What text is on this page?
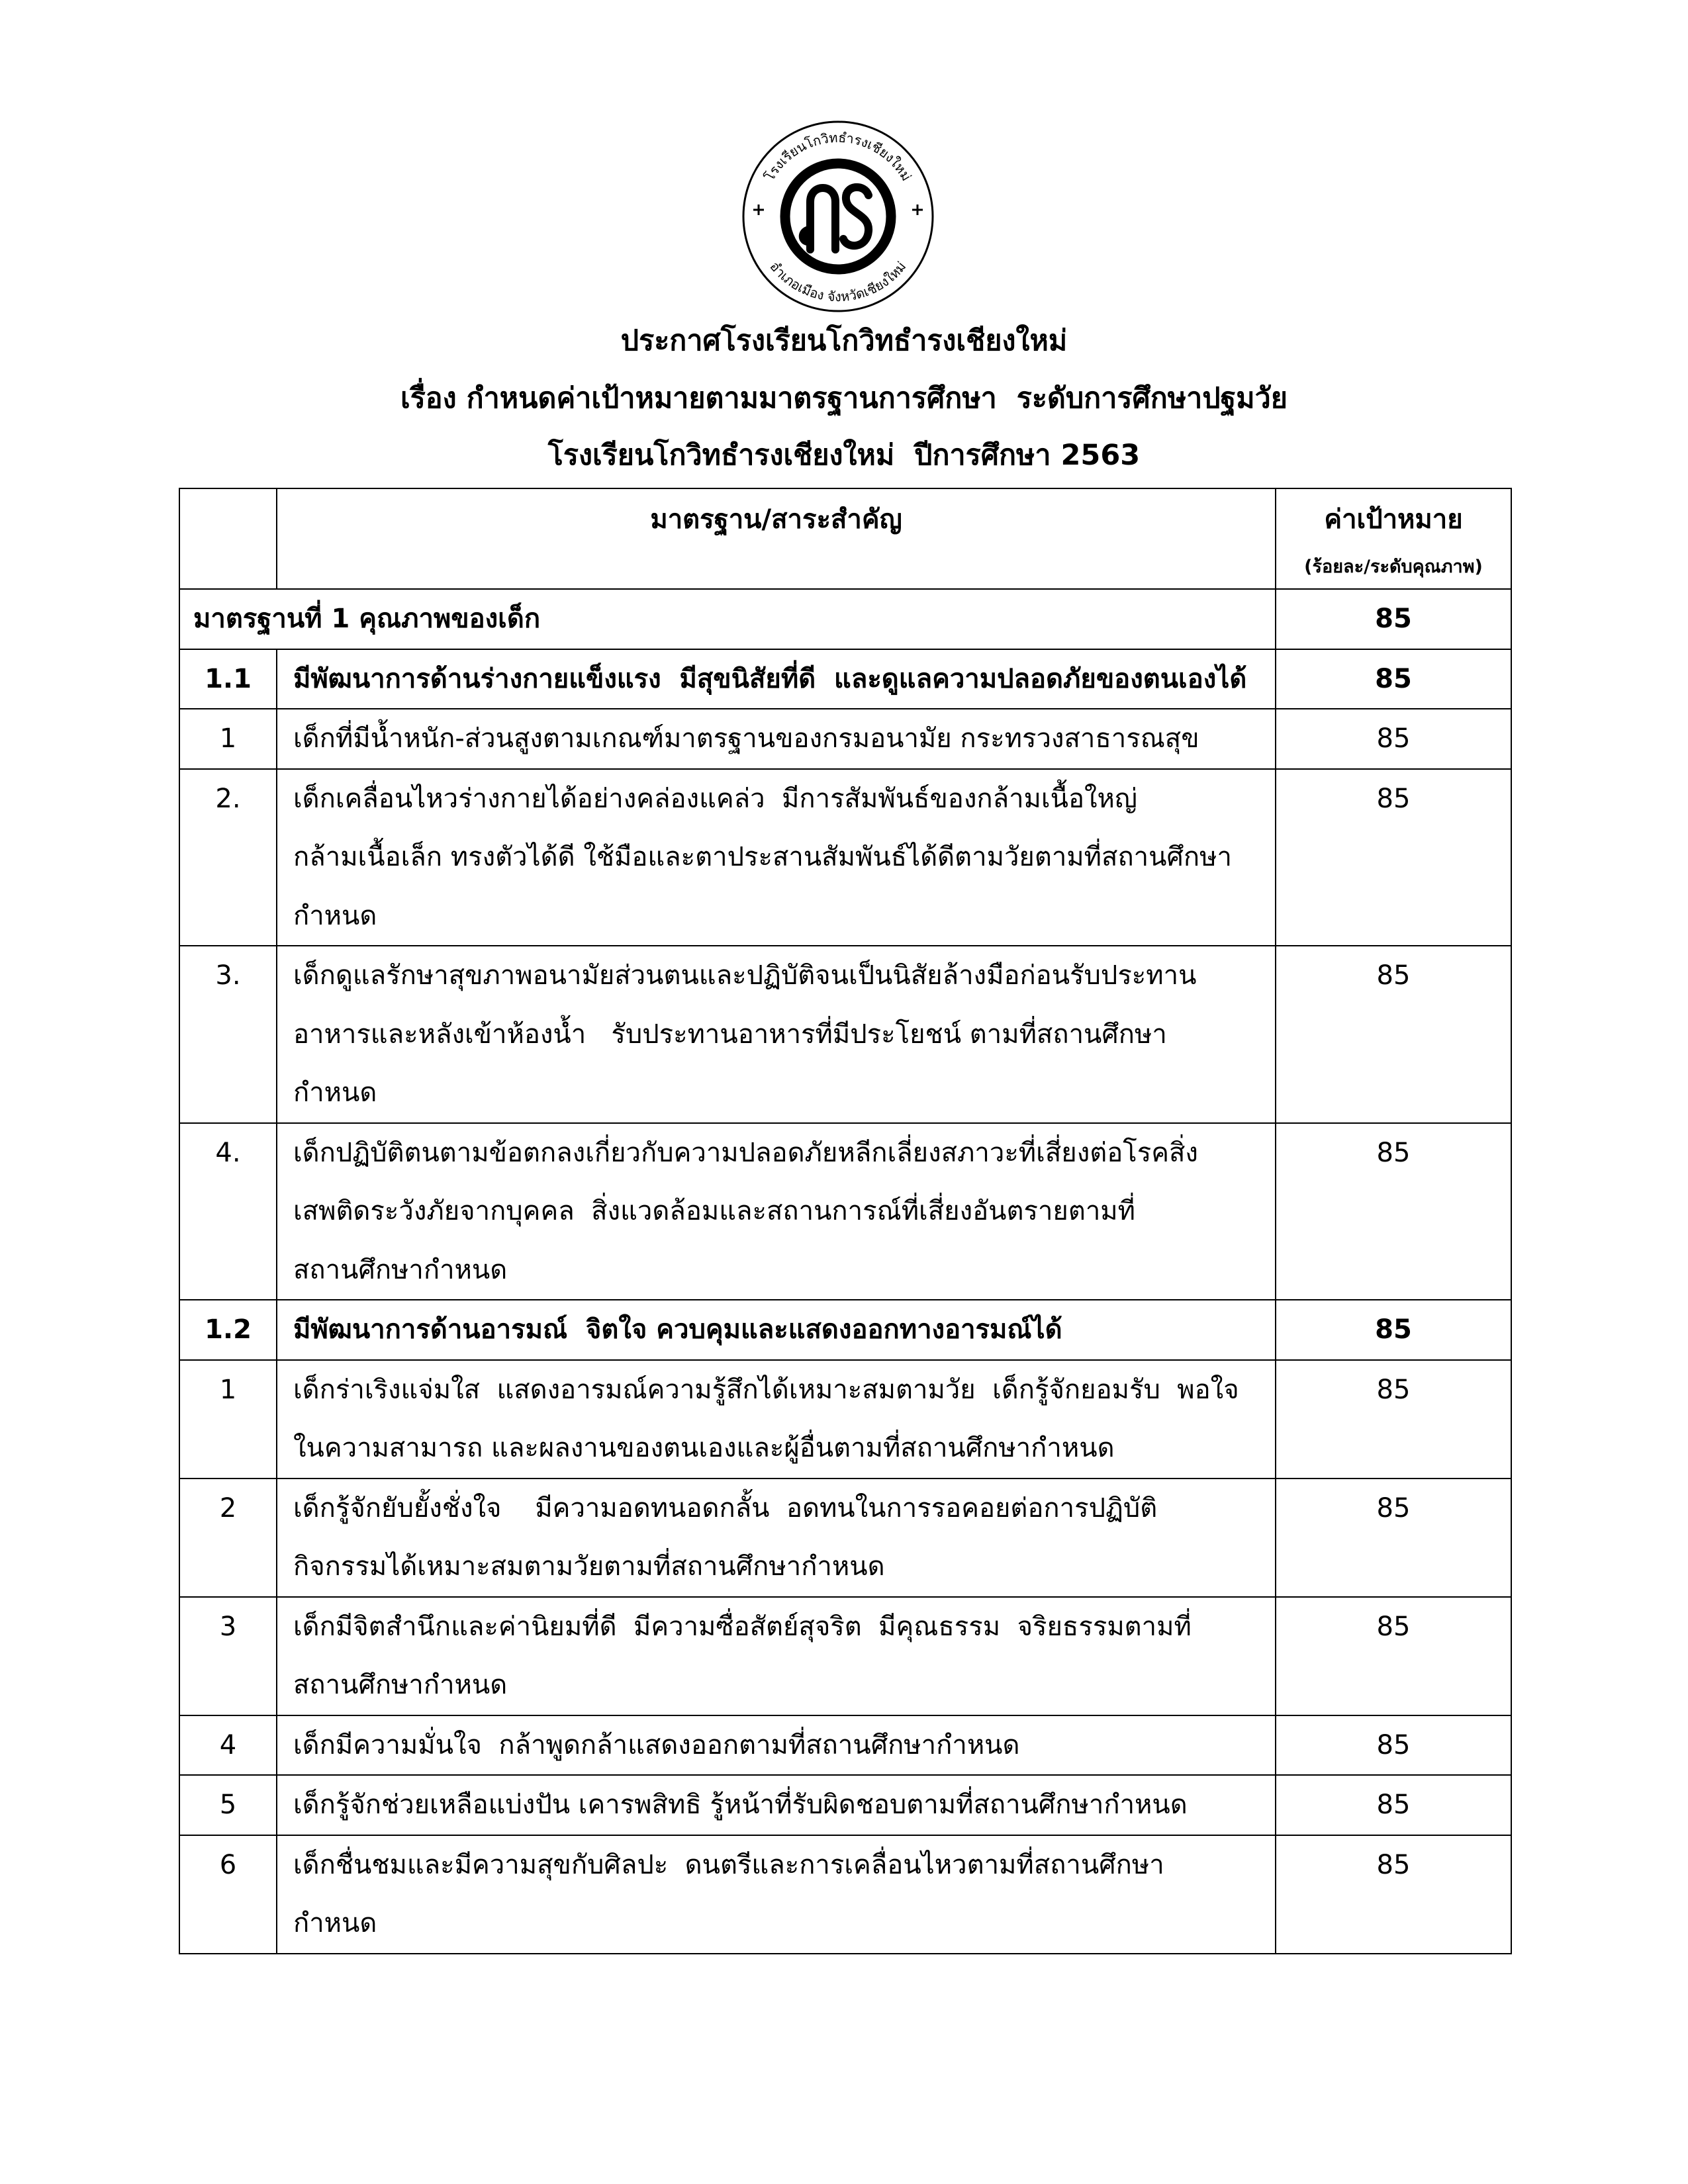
โรงเรียนโกวิทธำรงเชียงใหม่
อำเภอเมือง จังหวัดเชียงใหม่
ประกาศโรงเรียนโกวิทธำรงเชียงใหม่
เรื่อง กำหนดค่าเป้าหมายตามมาตรฐานการศึกษา  ระดับการศึกษาปฐมวัย
โรงเรียนโกวิทธำรงเชียงใหม่  ปีการศึกษา 2563

	มาตรฐาน/สาระสำคัญ	ค่าเป้าหมาย
(ร้อยละ/ระดับคุณภาพ)

มาตรฐานที่ 1 คุณภาพของเด็ก		85

1.1	มีพัฒนาการด้านร่างกายแข็งแรง  มีสุขนิสัยที่ดี  และดูแลความปลอดภัยของตนเองได้	85

1	เด็กที่มีน้ำหนัก-ส่วนสูงตามเกณฑ์มาตรฐานของกรมอนามัย กระทรวงสาธารณสุข	85

2.	เด็กเคลื่อนไหวร่างกายได้อย่างคล่องแคล่ว  มีการสัมพันธ์ของกล้ามเนื้อใหญ่
กล้ามเนื้อเล็ก ทรงตัวได้ดี ใช้มือและตาประสานสัมพันธ์ได้ดีตามวัยตามที่สถานศึกษา
กำหนด	85

3.	เด็กดูแลรักษาสุขภาพอนามัยส่วนตนและปฏิบัติจนเป็นนิสัยล้างมือก่อนรับประทาน
อาหารและหลังเข้าห้องน้ำ   รับประทานอาหารที่มีประโยชน์ ตามที่สถานศึกษา
กำหนด	85

4.	เด็กปฏิบัติตนตามข้อตกลงเกี่ยวกับความปลอดภัยหลีกเลี่ยงสภาวะที่เสี่ยงต่อโรคสิ่ง
เสพติดระวังภัยจากบุคคล  สิ่งแวดล้อมและสถานการณ์ที่เสี่ยงอันตรายตามที่
สถานศึกษากำหนด	85

1.2	มีพัฒนาการด้านอารมณ์  จิตใจ ควบคุมและแสดงออกทางอารมณ์ได้	85

1	เด็กร่าเริงแจ่มใส  แสดงอารมณ์ความรู้สึกได้เหมาะสมตามวัย  เด็กรู้จักยอมรับ  พอใจ
ในความสามารถ และผลงานของตนเองและผู้อื่นตามที่สถานศึกษากำหนด	85

2	เด็กรู้จักยับยั้งชั่งใจ    มีความอดทนอดกลั้น  อดทนในการรอคอยต่อการปฏิบัติ
กิจกรรมได้เหมาะสมตามวัยตามที่สถานศึกษากำหนด	85

3	เด็กมีจิตสำนึกและค่านิยมที่ดี  มีความซื่อสัตย์สุจริต  มีคุณธรรม  จริยธรรมตามที่
สถานศึกษากำหนด	85

4	เด็กมีความมั่นใจ  กล้าพูดกล้าแสดงออกตามที่สถานศึกษากำหนด	85

5	เด็กรู้จักช่วยเหลือแบ่งปัน เคารพสิทธิ รู้หน้าที่รับผิดชอบตามที่สถานศึกษากำหนด	85

6	เด็กชื่นชมและมีความสุขกับศิลปะ  ดนตรีและการเคลื่อนไหวตามที่สถานศึกษา
กำหนด	85
